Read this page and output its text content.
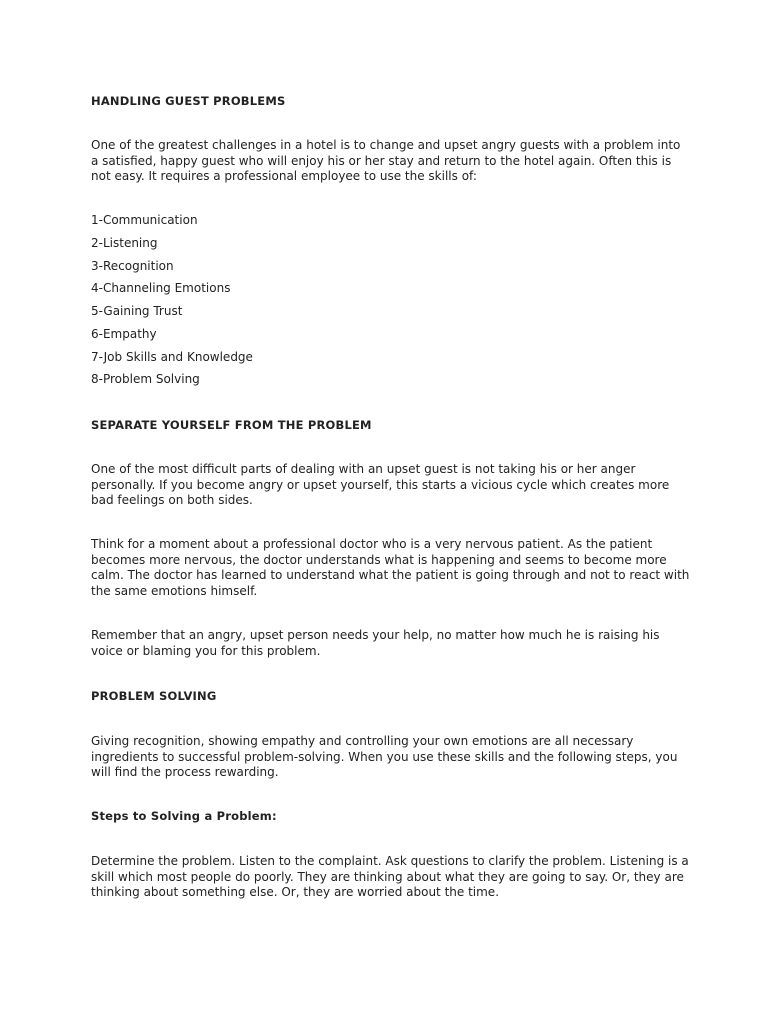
HANDLING GUEST PROBLEMS

One of the greatest challenges in a hotel is to change and upset angry guests with a problem into a satisfied, happy guest who will enjoy his or her stay and return to the hotel again. Often this is not easy. It requires a professional employee to use the skills of:

1-Communication
2-Listening
3-Recognition
4-Channeling Emotions
5-Gaining Trust
6-Empathy
7-Job Skills and Knowledge
8-Problem Solving
SEPARATE YOURSELF FROM THE PROBLEM

One of the most difficult parts of dealing with an upset guest is not taking his or her anger personally. If you become angry or upset yourself, this starts a vicious cycle which creates more bad feelings on both sides.

Think for a moment about a professional doctor who is a very nervous patient. As the patient becomes more nervous, the doctor understands what is happening and seems to become more calm. The doctor has learned to understand what the patient is going through and not to react with the same emotions himself.

Remember that an angry, upset person needs your help, no matter how much he is raising his voice or blaming you for this problem.

PROBLEM SOLVING

Giving recognition, showing empathy and controlling your own emotions are all necessary ingredients to successful problem-solving. When you use these skills and the following steps, you will find the process rewarding.

Steps to Solving a Problem:

Determine the problem. Listen to the complaint. Ask questions to clarify the problem. Listening is a skill which most people do poorly. They are thinking about what they are going to say. Or, they are thinking about something else. Or, they are worried about the time.
